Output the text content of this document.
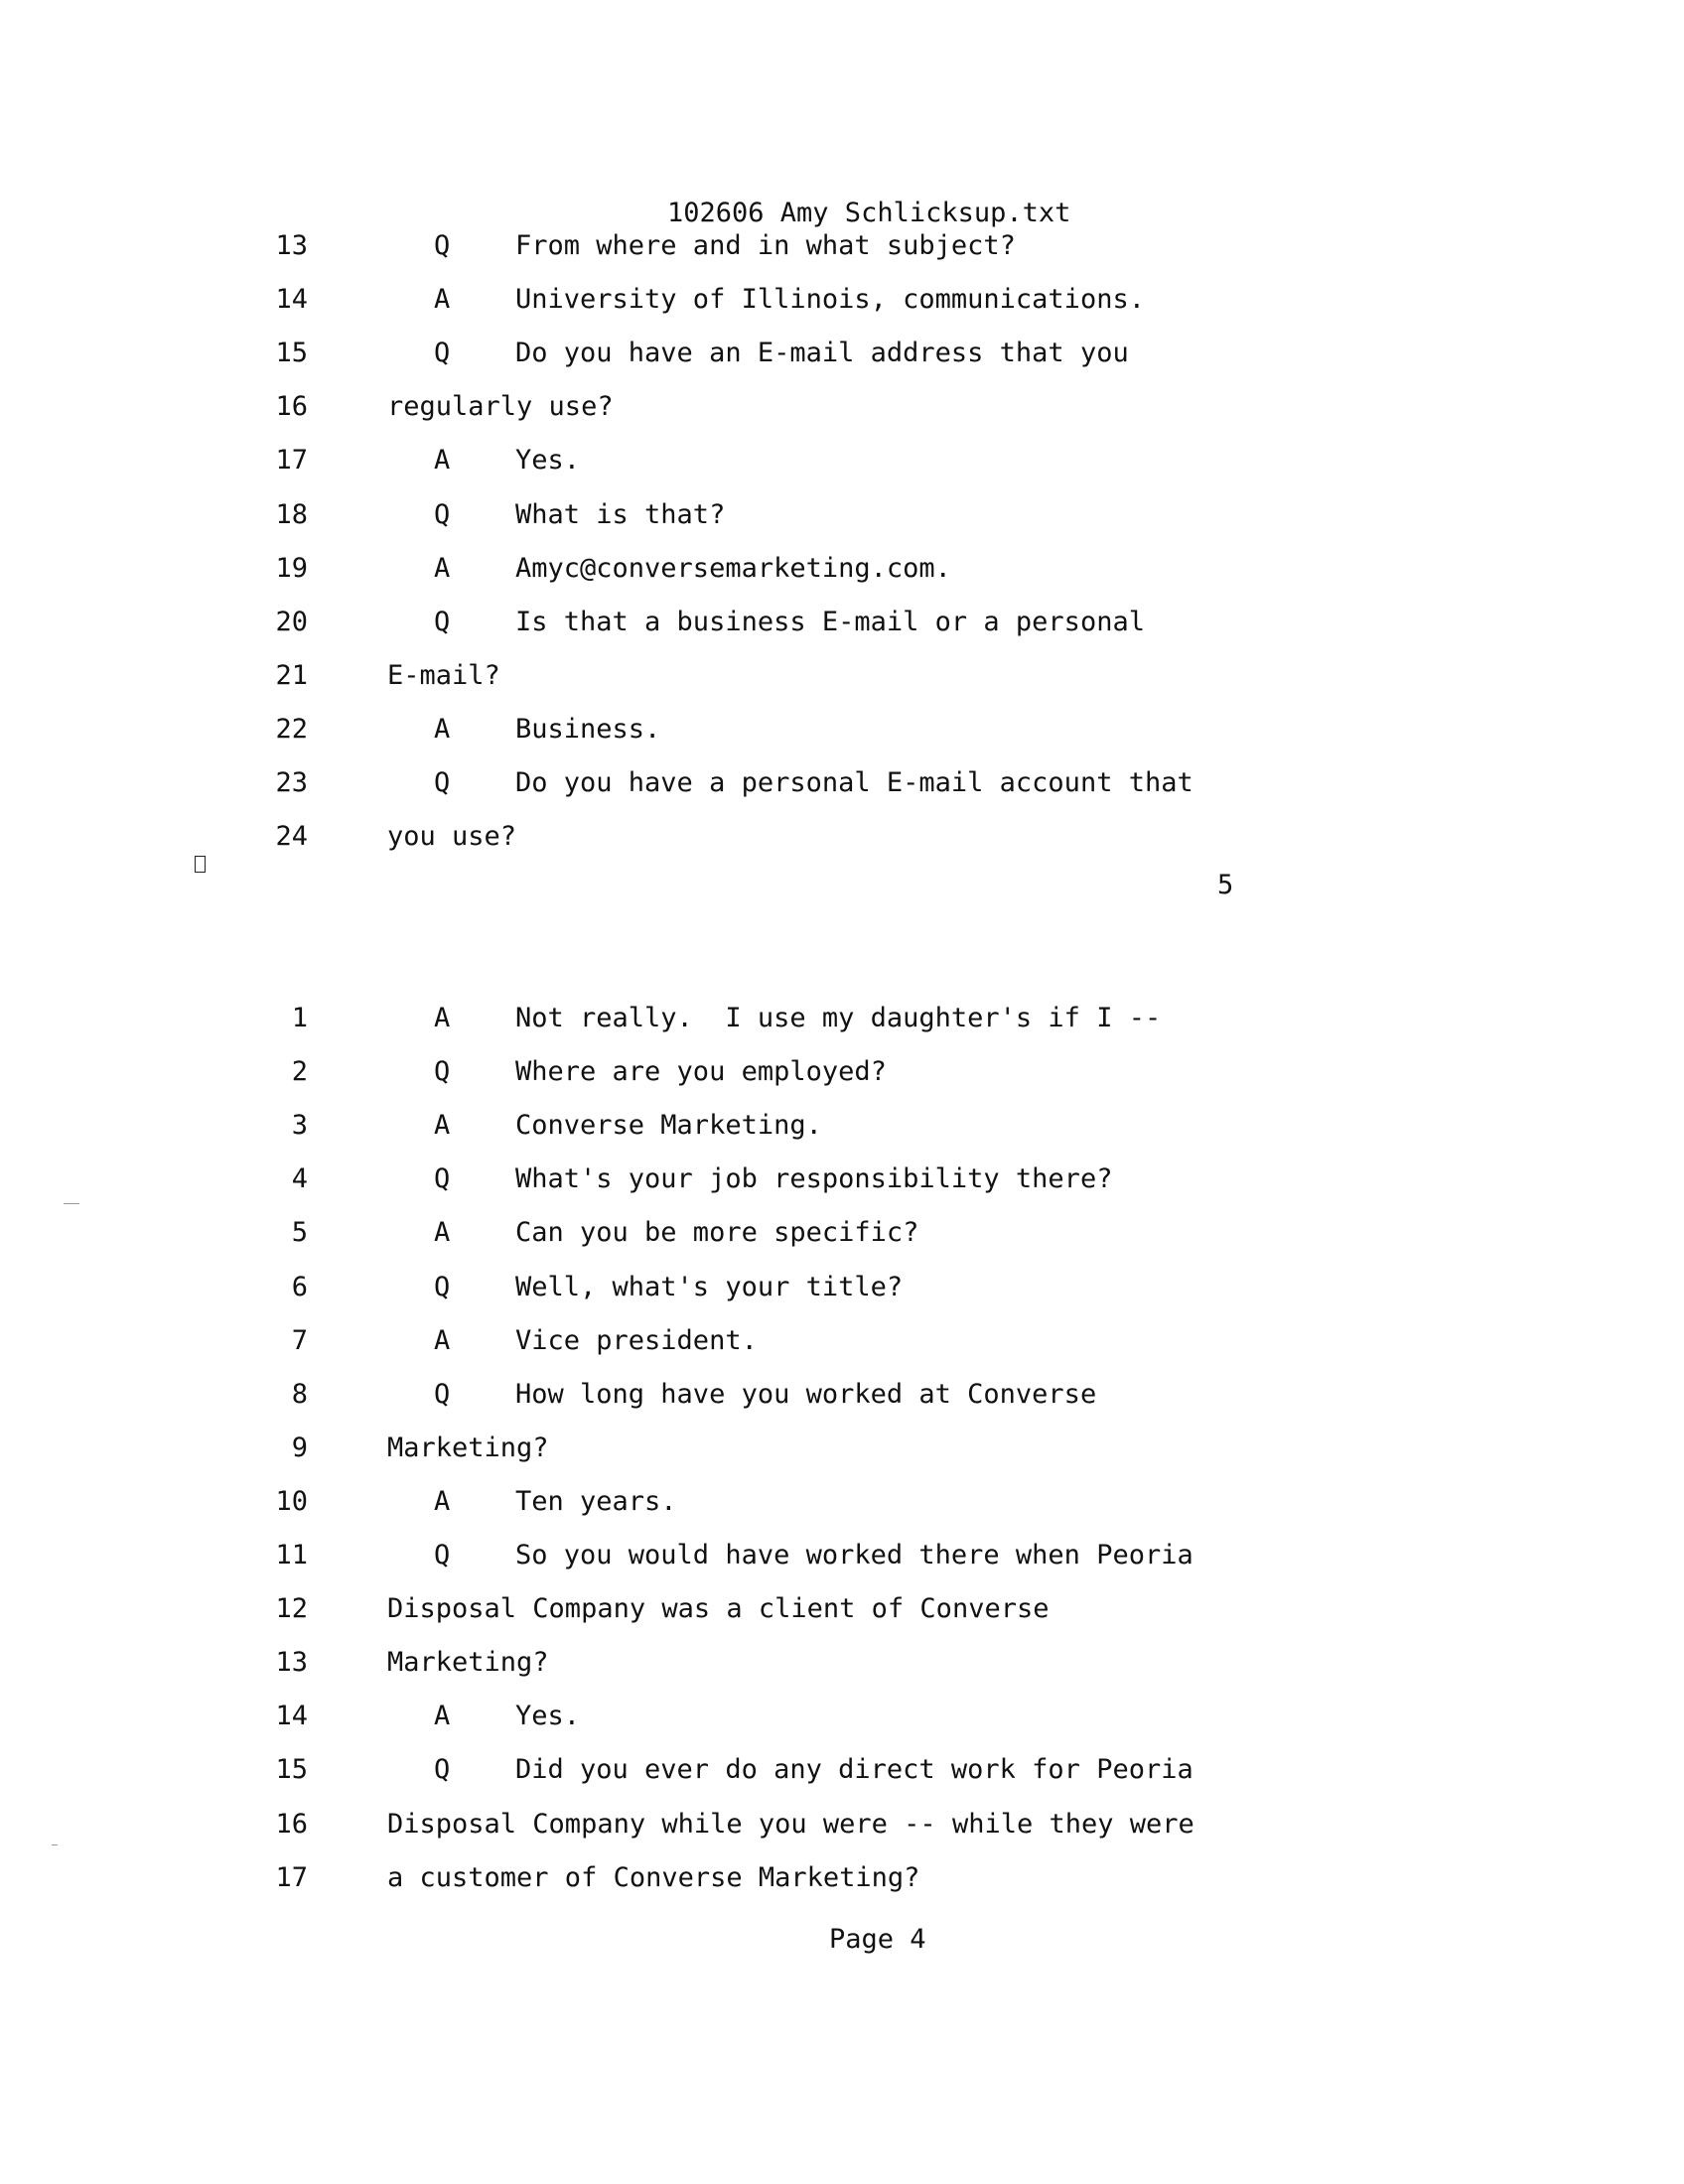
102606 Amy Schlicksup.txt
13	Q From where and in what subject?
14	A University of Illinois, communications.
15	Q Do you have an E-mail address that you
16	regularly use?
17	A Yes.
18	Q What is that?
19	A Amyc@conversemarketing.com.
20	Q Is that a business E-mail or a personal
21	E-mail?
22	A Business.
23	Q Do you have a personal E-mail account that
24	you use?
5
1	A Not really.  I use my daughter's if I --
2	Q Where are you employed?
3	A Converse Marketing.
4	Q What's your job responsibility there?
5	A Can you be more specific?
6	Q Well, what's your title?
7	A Vice president.
8	Q How long have you worked at Converse
9	Marketing?
10	A Ten years.
11	Q So you would have worked there when Peoria
12	Disposal Company was a client of Converse
13	Marketing?
14	A Yes.
15	Q Did you ever do any direct work for Peoria
16	Disposal Company while you were -- while they were
17	a customer of Converse Marketing?
Page 4
